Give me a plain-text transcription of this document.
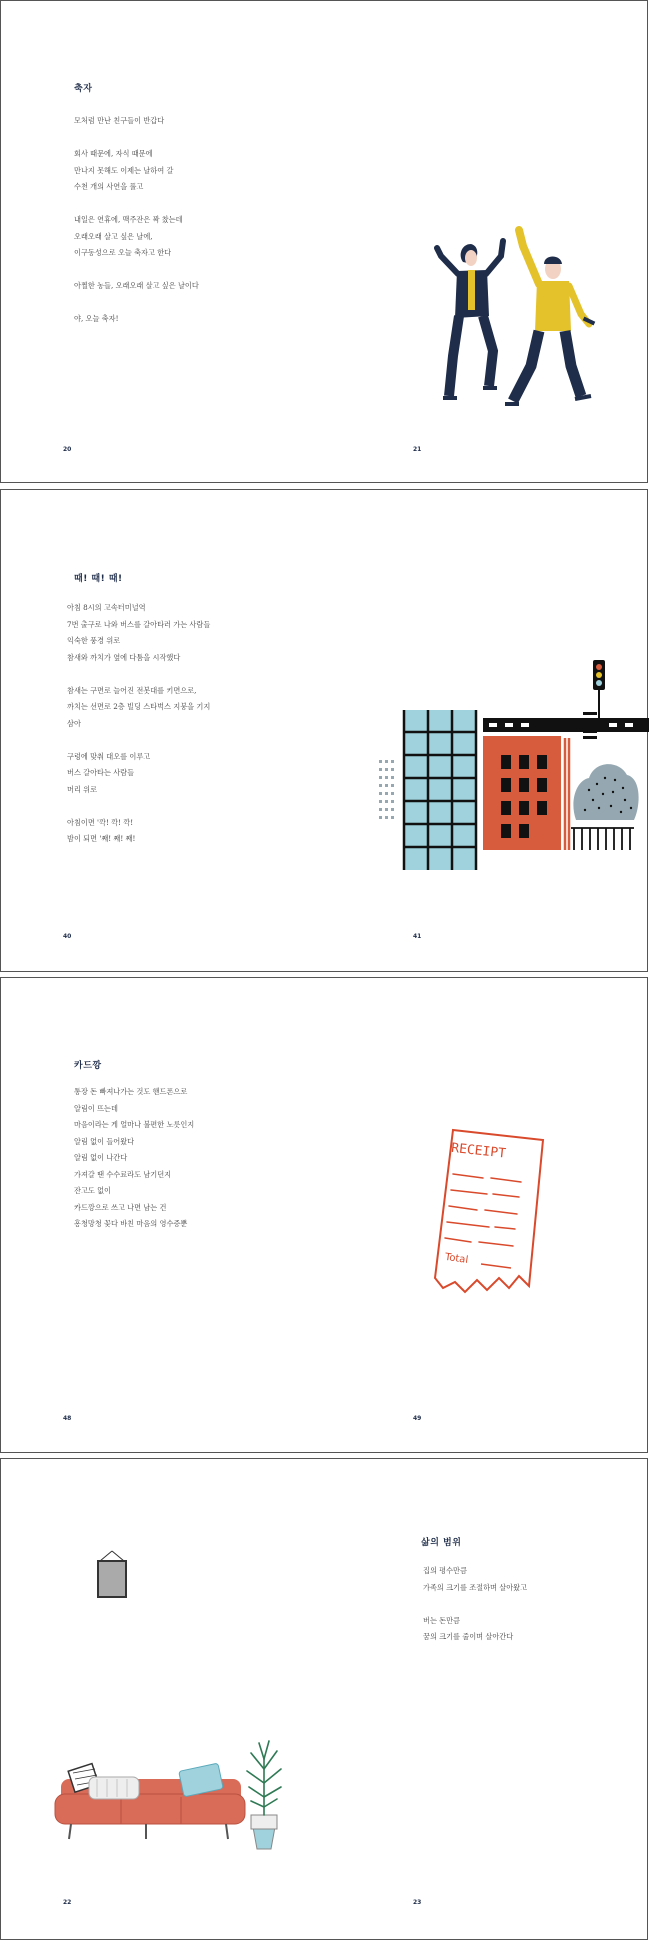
축자
모처럼 만난 친구들이 반갑다
회사 때문에, 자식 때문에
만나지 못해도 이제는 날하여 갈
수천 개의 사연을 풀고
내일은 연휴에, 맥주잔은 꽉 찼는데
오래오래 살고 싶은 날에,
이구동성으로 오늘 축자고 한다
아찔한 농들, 오래오래 살고 싶은 날이다
야, 오늘 축자!
20	21
때! 때! 때!
아침 8시의 고속터미널역
7번 출구로 나와 버스를 갈아타러 가는 사람들
익숙한 풍경 위로
참새와 까치가 옆에 다툼을 시작했다
참새는 구면로 늘어진 전봇대를 키면으로,
까치는 선면로 2층 빌딩 스타벅스 지붕을 기지
삼아
구렁에 맞춰 대오를 이루고
버스 갈아타는 사람들
머리 위로
아침이면 '깍! 깍! 깍!
밤이 되면 '째! 째! 째!
40	41
카드깡
통장 돈 빠져나가는 것도 핸드폰으로
알림이 뜨는데
마음이라는 게 얼마나 불편한 노릇인지
알림 없이 들어왔다
알림 없이 나간다
가져갈 땐 수수료라도 남기던지
잔고도 없이
카드깡으로 쓰고 나면 남는 건
흥청망청 꽃다 바친 마음의 영수증뿐
48	49
RECEIPT
Total
삶의 범위
집의 평수만큼
가족의 크기를 조절하며 살아왔고
버는 돈만큼
꿈의 크기를 줄이며 살아간다
22	23
